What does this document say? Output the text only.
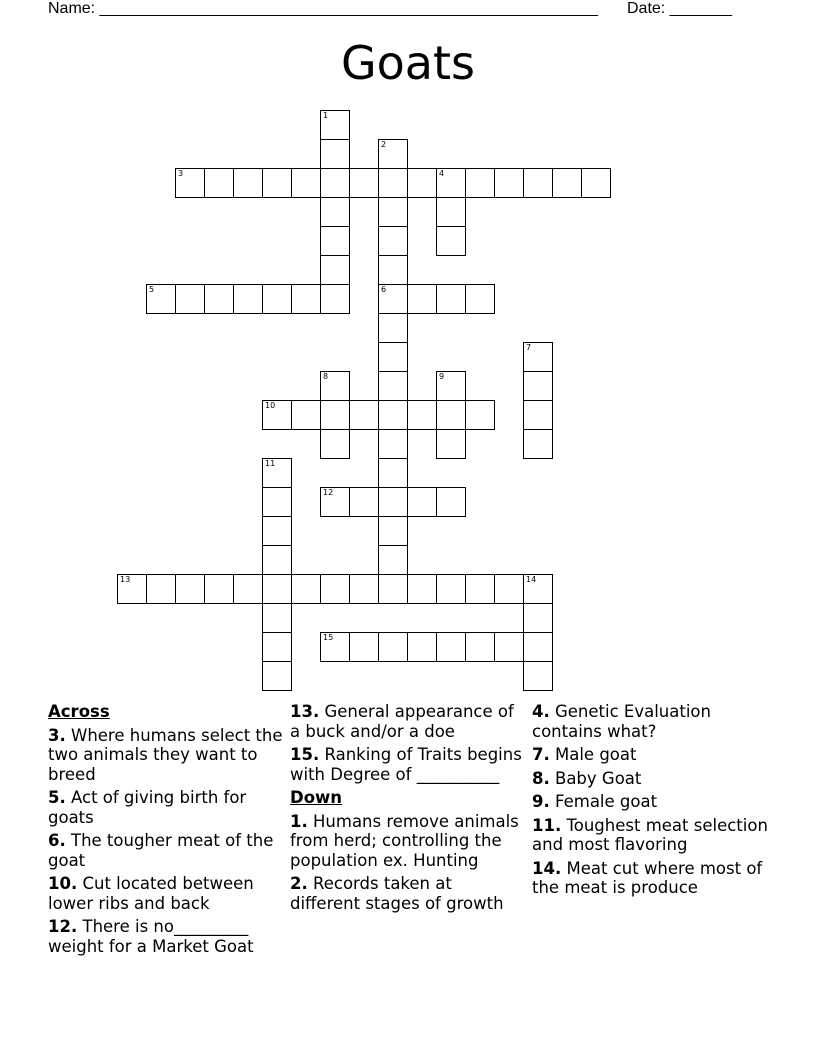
Name: ________________________________________________________ Date: _______
Goats
1
2
6
3	4
5
7
8	9
10
11
12
13	14
15
Across
3. Where humans select the two animals they want to breed
5. Act of giving birth for goats
6. The tougher meat of the goat
10. Cut located between lower ribs and back
12. There is no_________ weight for a Market Goat
13. General appearance of a buck and/or a doe
15. Ranking of Traits begins with Degree of __________
Down
1. Humans remove animals from herd; controlling the population ex. Hunting
2. Records taken at different stages of growth
4. Genetic Evaluation contains what?
7. Male goat
8. Baby Goat
9. Female goat
11. Toughest meat selection and most flavoring
14. Meat cut where most of the meat is produce
